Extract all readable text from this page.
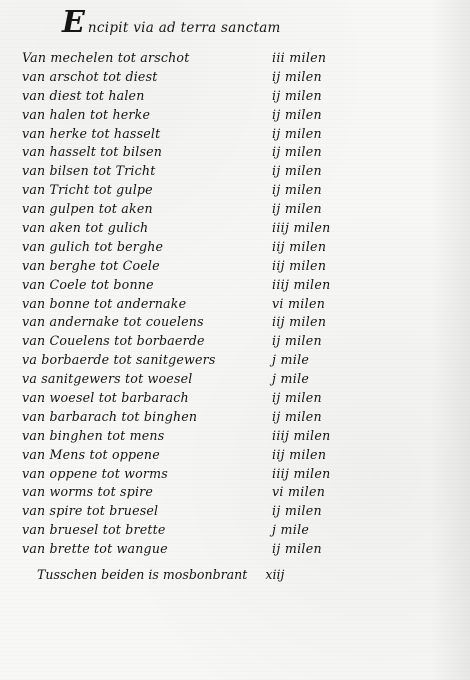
E ncipit via ad terra sanctam
Van mechelen tot arschot	iii milen
van arschot tot diest	ij milen
van diest tot halen	ij milen
van halen tot herke	ij milen
van herke tot hasselt	ij milen
van hasselt tot bilsen	ij milen
van bilsen tot Tricht	ij milen
van Tricht tot gulpe	ij milen
van gulpen tot aken	ij milen
van aken tot gulich	iiij milen
van gulich tot berghe	iij milen
van berghe tot Coele	iij milen
van Coele tot bonne	iiij milen
van bonne tot andernake	vi milen
van andernake tot couelens	iij milen
van Couelens tot borbaerde	ij milen
va borbaerde tot sanitgewers	j mile
va sanitgewers tot woesel	j mile
van woesel tot barbarach	ij milen
van barbarach tot binghen	ij milen
van binghen tot mens	iiij milen
van Mens tot oppene	iij milen
van oppene tot worms	iiij milen
van worms tot spire	vi milen
van spire tot bruesel	ij milen
van bruesel tot brette	j mile
van brette tot wangue	ij milen
Tusschen beiden is mosbonbrant xiij
